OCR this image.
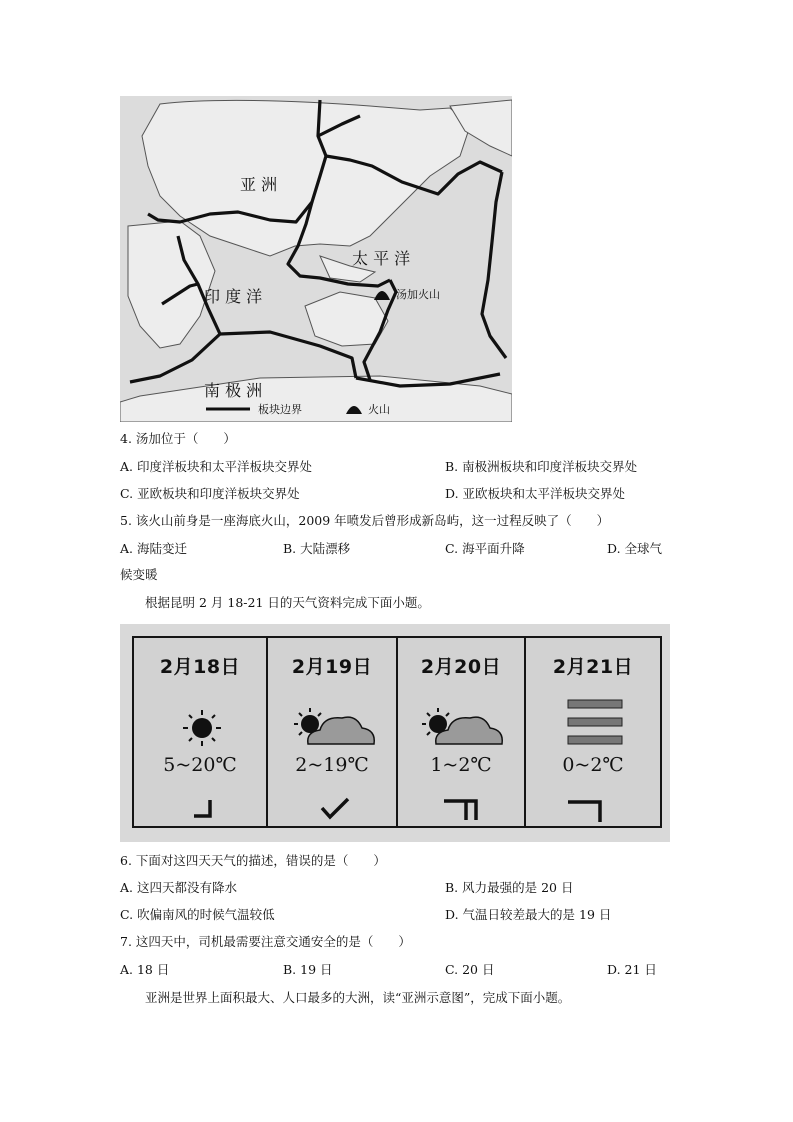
亚 洲
太 平 洋
印 度 洋
南 极 洲
汤加火山
板块边界	火山
4. 汤加位于（　　）
A. 印度洋板块和太平洋板块交界处	B. 南极洲板块和印度洋板块交界处
C. 亚欧板块和印度洋板块交界处	D. 亚欧板块和太平洋板块交界处
5. 该火山前身是一座海底火山，2009 年喷发后曾形成新岛屿，这一过程反映了（　　）
A. 海陆变迁	B. 大陆漂移	C. 海平面升降	D. 全球气
候变暖
根据昆明 2 月 18-21 日的天气资料完成下面小题。
2月18日
5~20℃
2月19日
2~19℃
2月20日
1~2℃
2月21日
0~2℃
6. 下面对这四天天气的描述，错误的是（　　）
A. 这四天都没有降水	B. 风力最强的是 20 日
C. 吹偏南风的时候气温较低	D. 气温日较差最大的是 19 日
7. 这四天中，司机最需要注意交通安全的是（　　）
A. 18 日	B. 19 日	C. 20 日	D. 21 日
亚洲是世界上面积最大、人口最多的大洲，读“亚洲示意图”，完成下面小题。
